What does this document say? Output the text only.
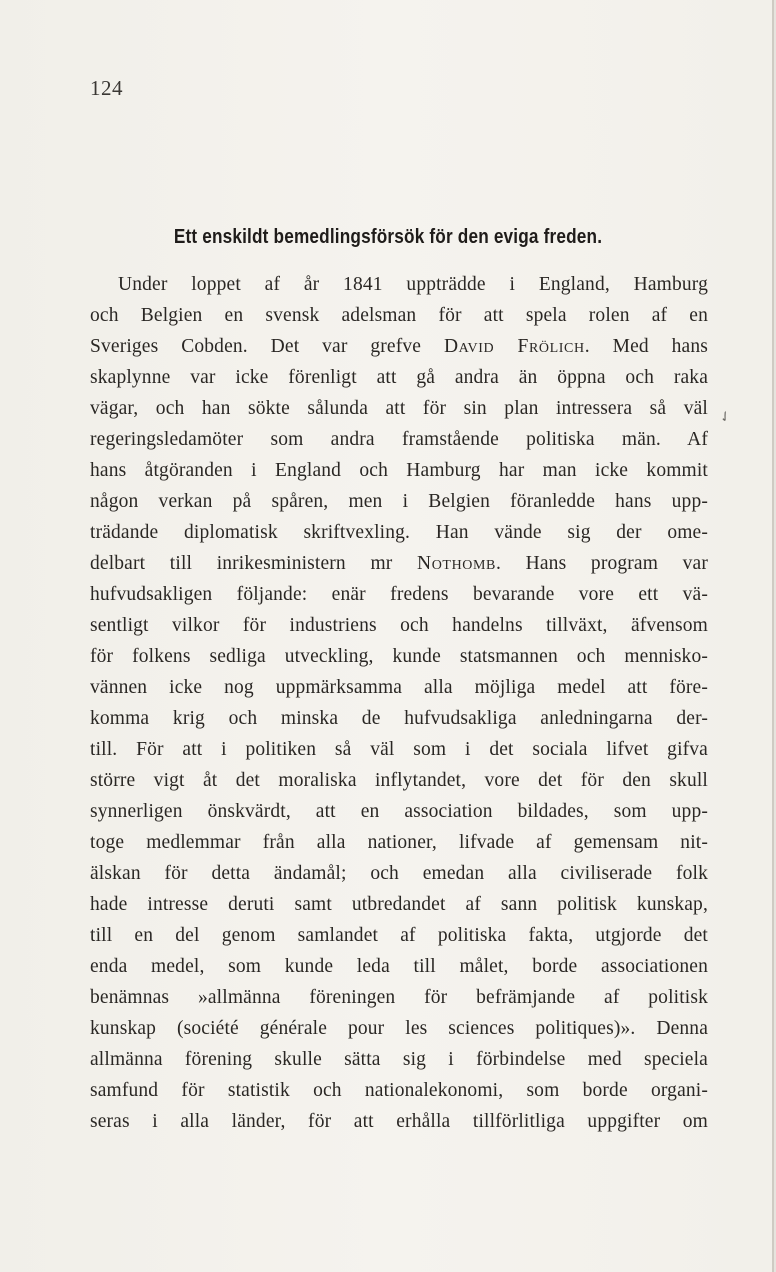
124
Ett enskildt bemedlingsförsök för den eviga freden.
✓
Under loppet af år 1841 uppträdde i England, Hamburg
och Belgien en svensk adelsman för att spela rolen af en
Sveriges Cobden. Det var grefve David Frölich. Med hans
skaplynne var icke förenligt att gå andra än öppna och raka
vägar, och han sökte sålunda att för sin plan intressera så väl
regeringsledamöter som andra framstående politiska män. Af
hans åtgöranden i England och Hamburg har man icke kommit
någon verkan på spåren, men i Belgien föranledde hans upp-
trädande diplomatisk skriftvexling. Han vände sig der ome-
delbart till inrikesministern mr Nothomb. Hans program var
hufvudsakligen följande: enär fredens bevarande vore ett vä-
sentligt vilkor för industriens och handelns tillväxt, äfvensom
för folkens sedliga utveckling, kunde statsmannen och mennisko-
vännen icke nog uppmärksamma alla möjliga medel att före-
komma krig och minska de hufvudsakliga anledningarna der-
till. För att i politiken så väl som i det sociala lifvet gifva
större vigt åt det moraliska inflytandet, vore det för den skull
synnerligen önskvärdt, att en association bildades, som upp-
toge medlemmar från alla nationer, lifvade af gemensam nit-
älskan för detta ändamål; och emedan alla civiliserade folk
hade intresse deruti samt utbredandet af sann politisk kunskap,
till en del genom samlandet af politiska fakta, utgjorde det
enda medel, som kunde leda till målet, borde associationen
benämnas »allmänna föreningen för befrämjande af politisk
kunskap (société générale pour les sciences politiques)». Denna
allmänna förening skulle sätta sig i förbindelse med speciela
samfund för statistik och nationalekonomi, som borde organi-
seras i alla länder, för att erhålla tillförlitliga uppgifter om
